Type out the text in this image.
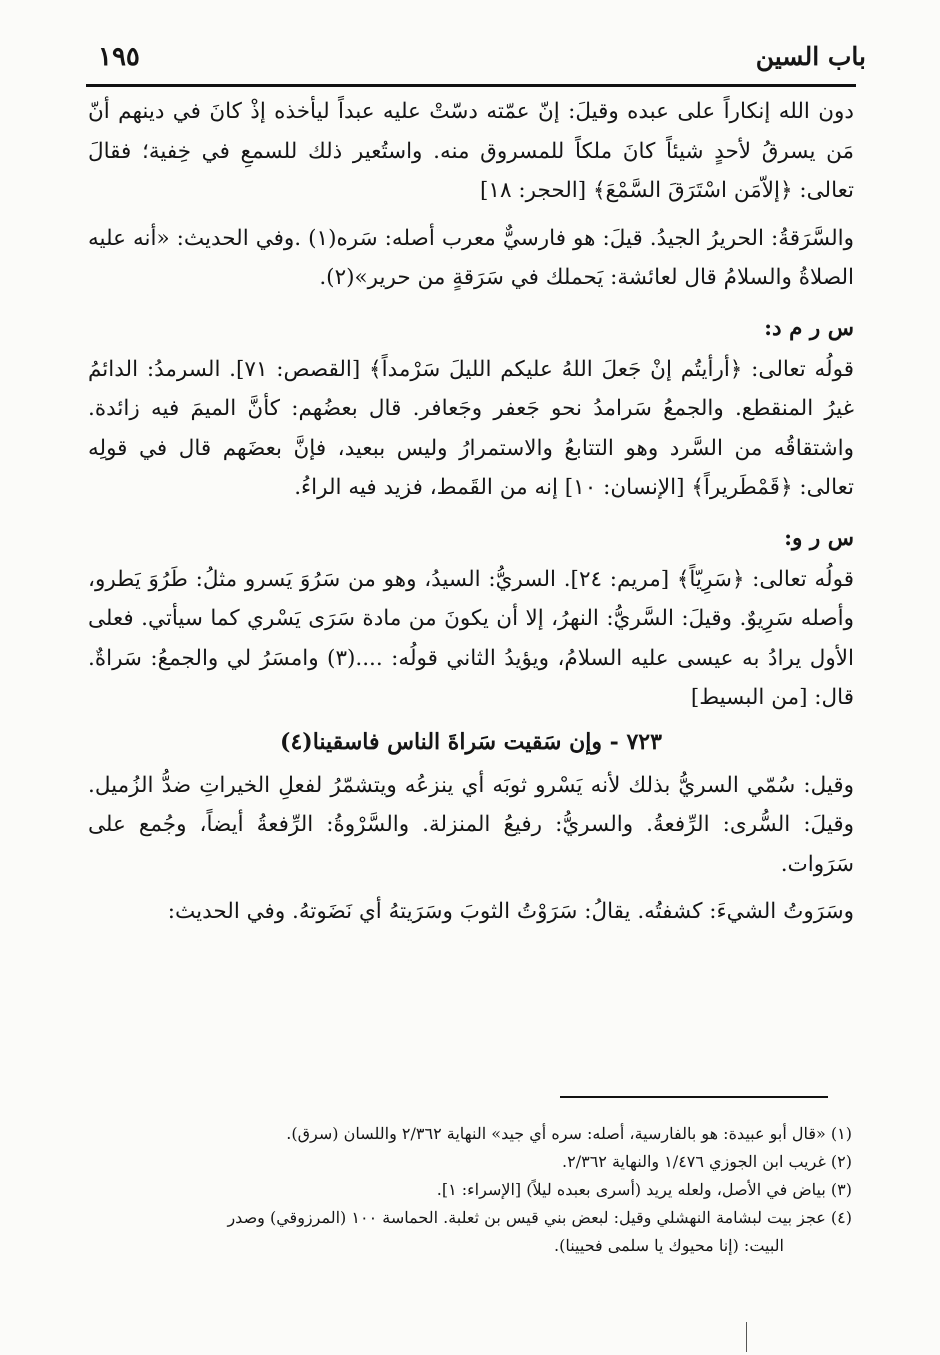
باب السين
١٩٥

دون الله إنكاراً على عبده وقيلَ: إنّ عمّته دسّتْ عليه عبداً ليأخذه إذْ كانَ في دينهم أنّ مَن يسرقُ لأحدٍ شيئاً كانَ ملكاً للمسروق منه. واستُعير ذلك للسمعِ في خِفية؛ فقالَ تعالى: ﴿إلاّمَن اسْتَرَقَ السَّمْعَ﴾ [الحجر: ١٨]

والسَّرَقةُ: الحريرُ الجيدُ. قيلَ: هو فارسيٌّ معرب أصله: سَره(١) .وفي الحديث: «أنه عليه الصلاةُ والسلامُ قال لعائشة: يَحملك في سَرَقةٍ من حرير»(٢).

س ر م د:

قولُه تعالى: ﴿أرأيتُم إنْ جَعلَ اللهُ عليكم الليلَ سَرْمداً﴾ [القصص: ٧١]. السرمدُ: الدائمُ غيرُ المنقطع. والجمعُ سَرامدُ نحو جَعفر وجَعافر. قال بعضُهم: كأنَّ الميمَ فيه زائدة. واشتقاقُه من السَّرد وهو التتابعُ والاستمرارُ وليس ببعيد، فإنَّ بعضَهم قال في قولِه تعالى: ﴿قَمْطَريراً﴾ [الإنسان: ١٠] إنه من القَمط، فزيد فيه الراءُ.

س ر و:

قولُه تعالى: ﴿سَرِيّاً﴾ [مريم: ٢٤]. السريُّ: السيدُ، وهو من سَرُوَ يَسرو مثلُ: طَرُوَ يَطرو، وأصله سَرِيوٌ. وقيلَ: السَّريُّ: النهرُ، إلا أن يكونَ من مادة سَرَى يَسْري كما سيأتي. فعلى الأول يرادُ به عيسى عليه السلامُ، ويؤيدُ الثاني قولُه: ....(٣) وامسَرُ لي والجمعُ: سَراةٌ. قال: [من البسيط]

٧٢٣ - وإن سَقيت سَراةَ الناس فاسقينا(٤)

وقيل: سُمّي السريُّ بذلك لأنه يَسْرو ثوبَه أي ينزعُه ويتشمّرُ لفعلِ الخيراتِ ضدُّ الزُميل. وقيلَ: السُّرى: الرِّفعةُ. والسريُّ: رفيعُ المنزلة. والسَّرْوةُ: الرِّفعةُ أيضاً، وجُمع على سَرَوات.

وسَرَوتُ الشيءَ: كشفتُه. يقالُ: سَرَوْتُ الثوبَ وسَرَيتهُ أي نَضَوتهُ. وفي الحديث:

(١) «قال أبو عبيدة: هو بالفارسية، أصله: سره أي جيد» النهاية ٢/٣٦٢ واللسان (سرق).

(٢) غريب ابن الجوزي ١/٤٧٦ والنهاية ٢/٣٦٢.

(٣) بياض في الأصل، ولعله يريد (أسرى بعبده ليلاً) [الإسراء: ١].

(٤) عجز بيت لبشامة النهشلي وقيل: لبعض بني قيس بن ثعلبة. الحماسة ١٠٠ (المرزوقي) وصدر

البيت: (إنا محيوك يا سلمى فحيينا).
